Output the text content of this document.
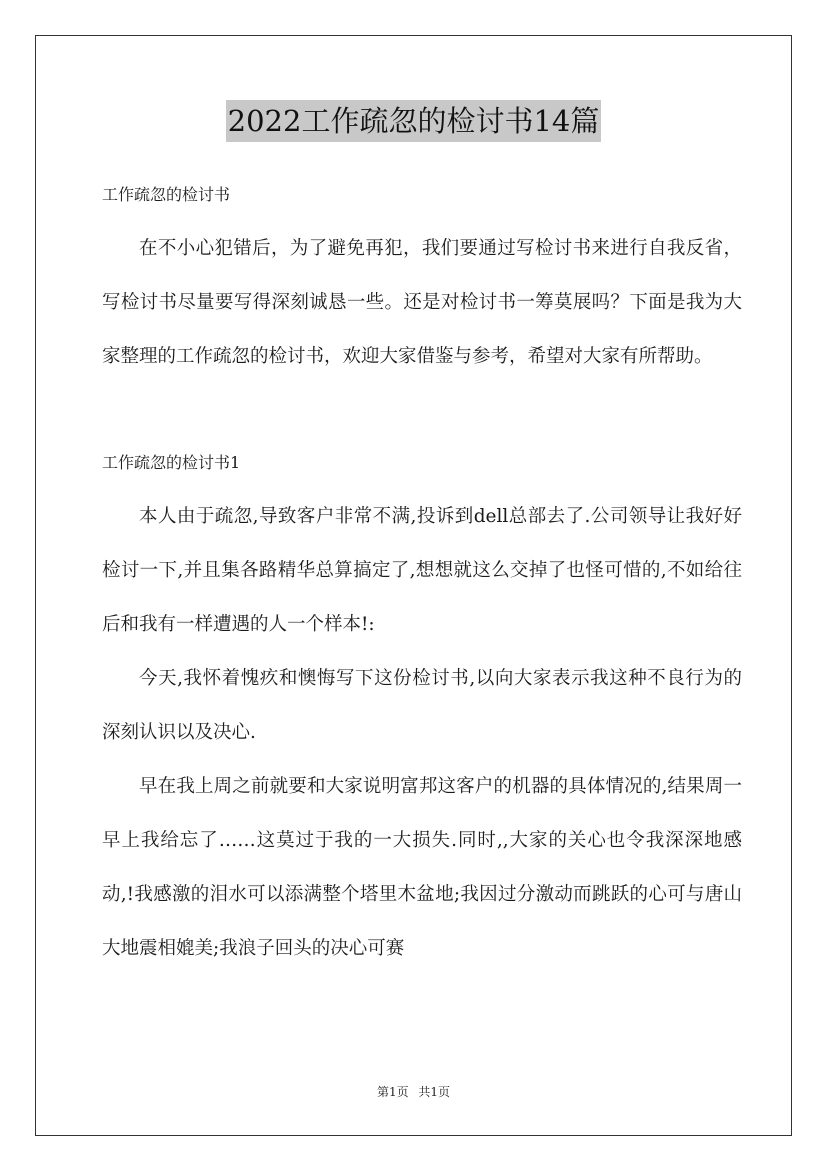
2022工作疏忽的检讨书14篇

工作疏忽的检讨书

在不小心犯错后，为了避免再犯，我们要通过写检讨书来进行自我反省，写检讨书尽量要写得深刻诚恳一些。还是对检讨书一筹莫展吗？下面是我为大家整理的工作疏忽的检讨书，欢迎大家借鉴与参考，希望对大家有所帮助。

工作疏忽的检讨书1

本人由于疏忽,导致客户非常不满,投诉到dell总部去了.公司领导让我好好检讨一下,并且集各路精华总算搞定了,想想就这么交掉了也怪可惜的,不如给往后和我有一样遭遇的人一个样本!:

今天,我怀着愧疚和懊悔写下这份检讨书,以向大家表示我这种不良行为的深刻认识以及决心.

早在我上周之前就要和大家说明富邦这客户的机器的具体情况的,结果周一早上我给忘了……这莫过于我的一大损失.同时,,大家的关心也令我深深地感动,!我感激的泪水可以添满整个塔里木盆地;我因过分激动而跳跃的心可与唐山大地震相媲美;我浪子回头的决心可赛

第1页 共1页
